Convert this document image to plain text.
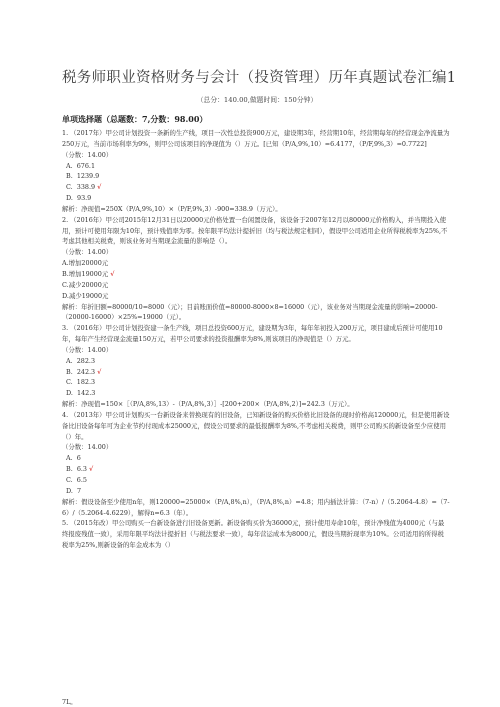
税务师职业资格财务与会计（投资管理）历年真题试卷汇编1
（总分：140.00,做题时间：150分钟）
单项选择题（总题数：7,分数：98.00）

1. （2017年）甲公司计划投资一条新的生产线，项目一次性总投资900万元，建设期3年，经营期10年，经营期每年的经营现金净流量为250万元，当前市场利率为9%，则甲公司该项目的净现值为（）万元。[已知（P/A,9%,10）=6.4177，（P/F,9%,3）=0.7722]

（分数：14.00）

A. 676.1

B. 1239.9

C. 338.9 √

D. 93.9

解析：净现值=250X（P/A,9%,10）×（P/F,9%,3）-900=338.9（万元）。

2. （2016年）甲公司2015年12月31日以20000元价格处置一台闲置设备，该设备于2007年12月以80000元价格购入，并当期投入使用，预计可使用年限为10年，预计残值率为零。按年限平均法计提折旧（均与税法规定相同），假设甲公司适用企业所得税税率为25%,不考虑其他相关税费，则该业务对当期现金流量的影响是（）。

（分数：14.00）

A.增加20000元

B.增加19000元 √

C.减少20000元

D.减少19000元

解析：年折旧额=80000/10=8000（元）；目前账面价值=80000-8000×8=16000（元），该业务对当期现金流量的影响=20000-（20000-16000）×25%=19000（元）。

3. （2016年）甲公司计划投资建一条生产线，项目总投资600万元，建设期为3年，每年年初投入200万元，项目建成后预计可使用10年，每年产生经营现金流量150万元，若甲公司要求的投资报酬率为8%,则该项目的净现值是（）万元。

（分数：14.00）

A. 282.3

B. 242.3 √

C. 182.3

D. 142.3

解析：净现值=150×［（P/A,8%,13）-（P/A,8%,3）］-[200+200×（P/A,8%,2）]=242.3（万元）。

4. （2013年）甲公司计划购买一台新设备来替换现有的旧设备，已知新设备的购买价格比旧设备的现时价格高120000元，但是使用新设备比旧设备每年可为企业节约付现成本25000元，假设公司要求的最低报酬率为8%,不考虑相关税费，则甲公司购买的新设备至少应使用（）年。

（分数：14.00）

A. 6

B. 6.3 √

C. 6.5

D. 7

解析：假设设备至少使用n年，则120000=25000×（P/A,8%,n），（P/A,8%,n）=4.8；用内插法计算：（7-n）/（5.2064-4.8）=（7-6）/（5.2064-4.6229），解得n=6.3（年）。

5. （2015年改）甲公司购买一台新设备进行旧设备更新。新设备购买价为36000元，预计使用寿命10年，预计净残值为4000元（与最终报废残值一致），采用年限平均法计提折旧（与税法要求一致），每年营运成本为8000元，假设当期折现率为10%。公司适用的所得税税率为25%,则新设备的年金成本为（）

7L。
